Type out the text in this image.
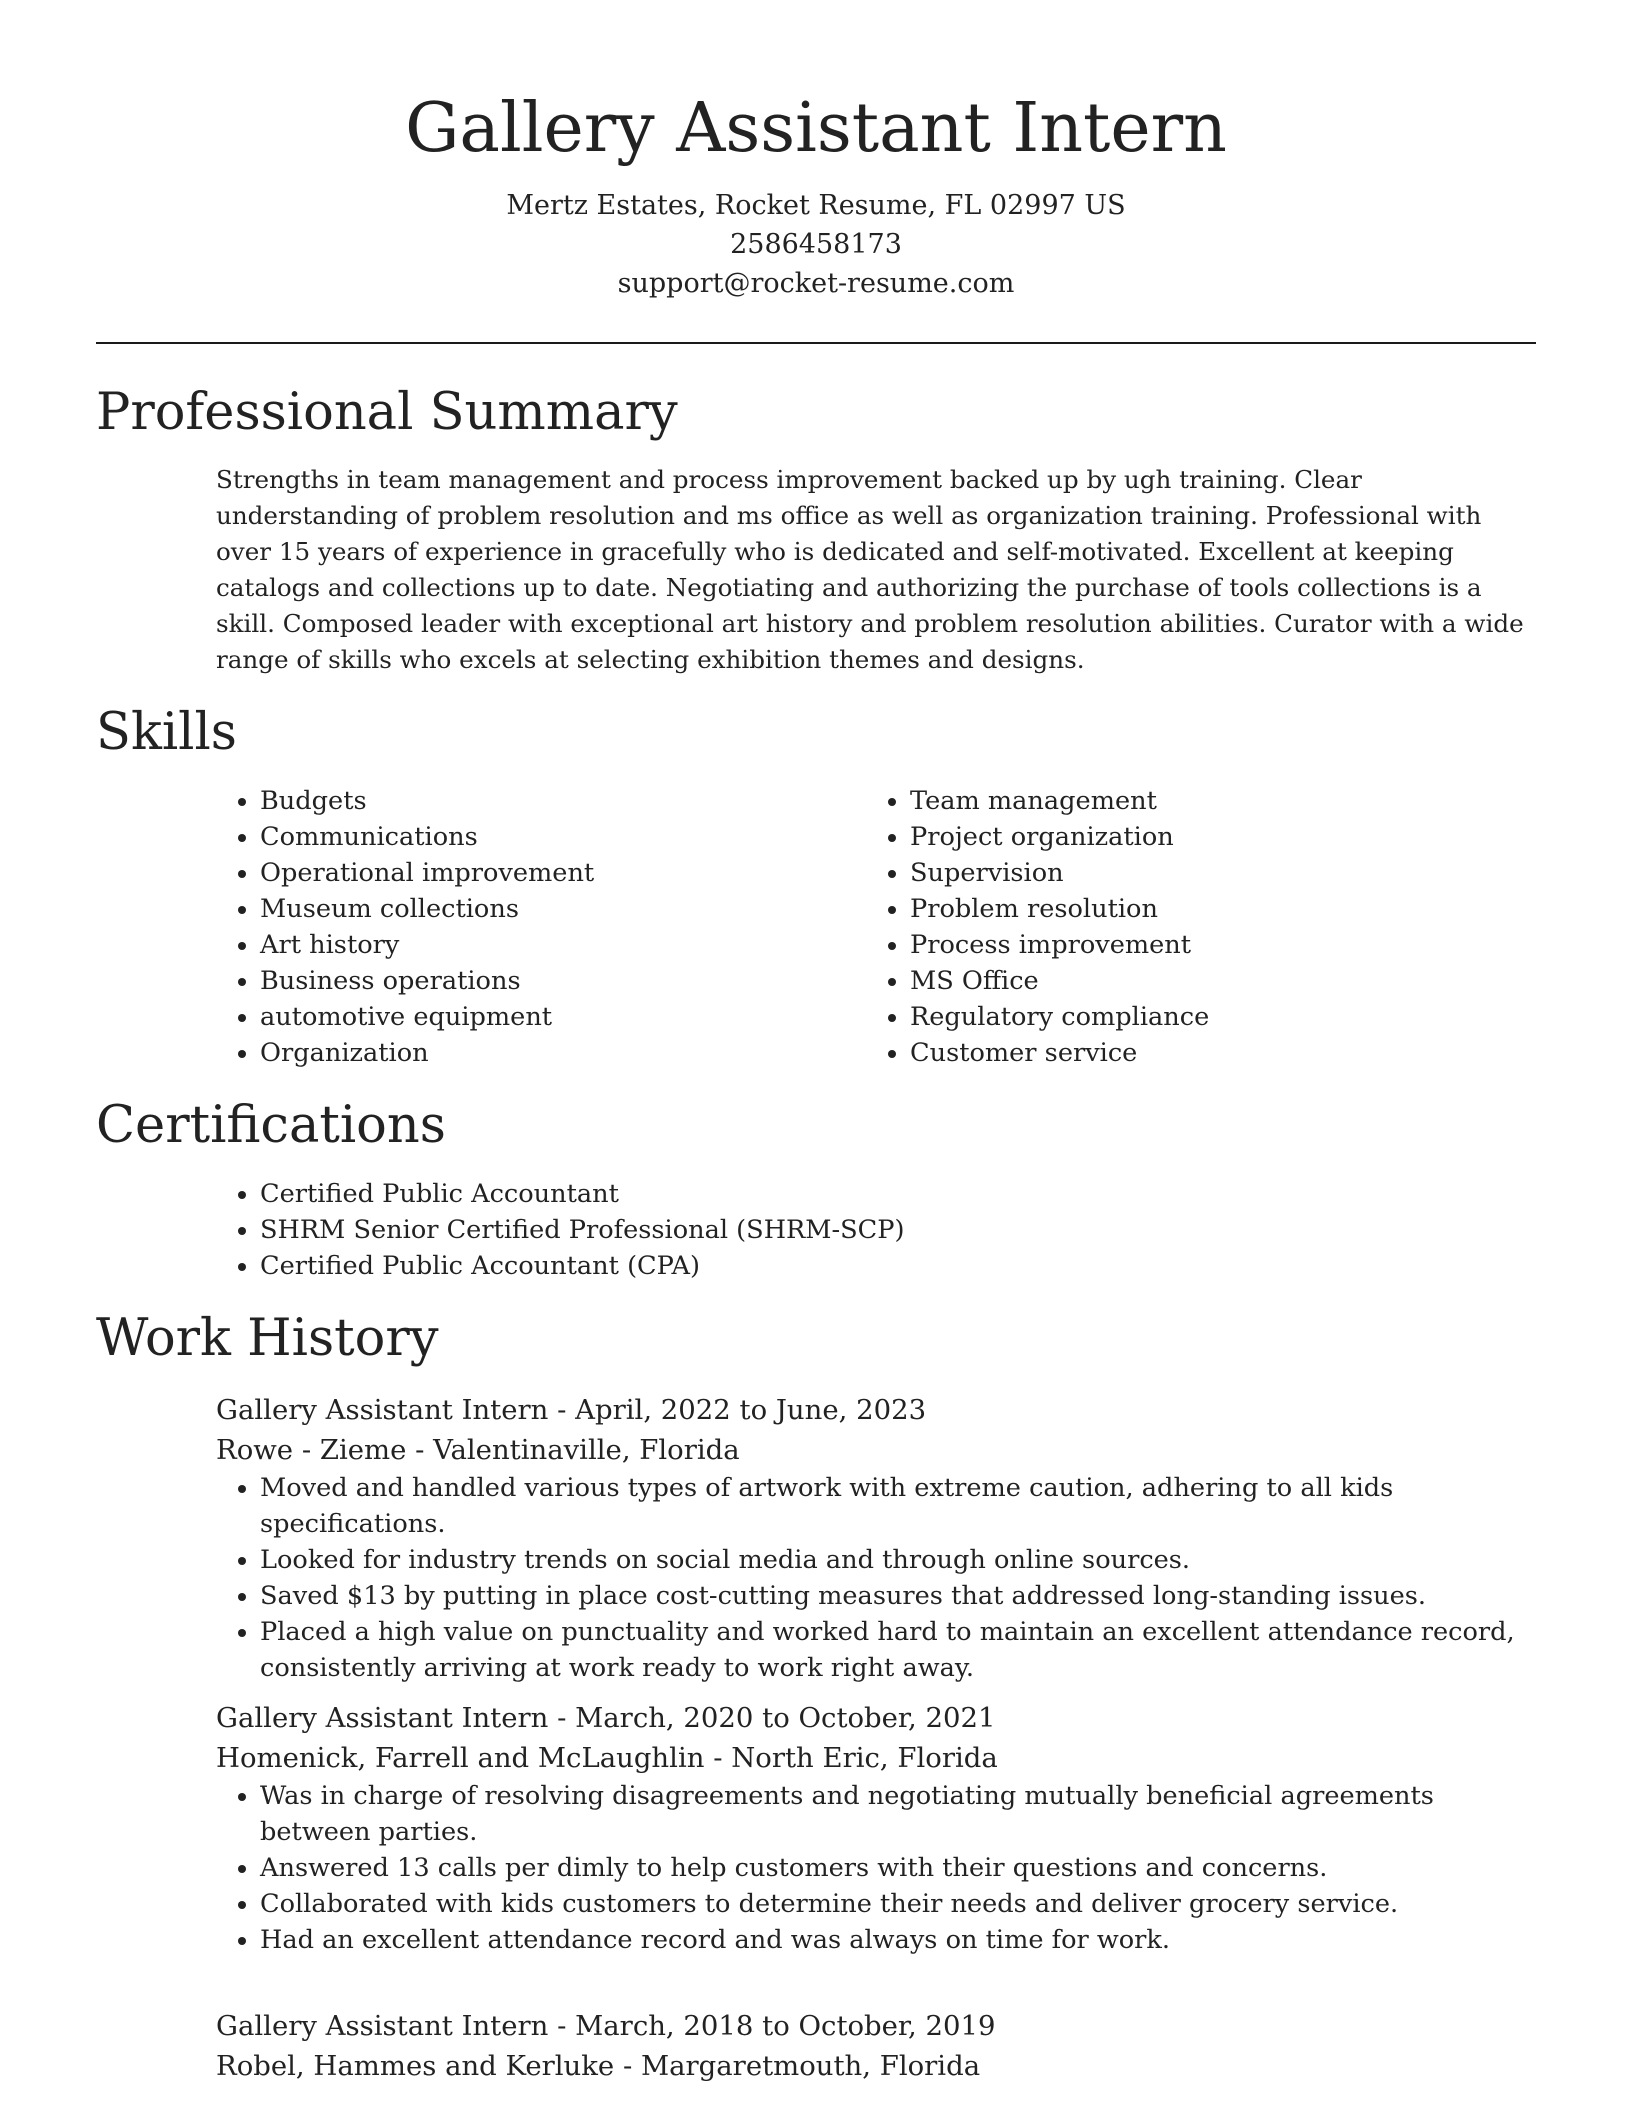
Gallery Assistant Intern

Mertz Estates, Rocket Resume, FL 02997 US

2586458173

support@rocket-resume.com

Professional Summary

Strengths in team management and process improvement backed up by ugh training. Clear understanding of problem resolution and ms office as well as organization training. Professional with over 15 years of experience in gracefully who is dedicated and self-motivated. Excellent at keeping catalogs and collections up to date. Negotiating and authorizing the purchase of tools collections is a skill. Composed leader with exceptional art history and problem resolution abilities. Curator with a wide range of skills who excels at selecting exhibition themes and designs.

Skills
• Budgets
• Communications
• Operational improvement
• Museum collections
• Art history
• Business operations
• automotive equipment
• Organization
• Team management
• Project organization
• Supervision
• Problem resolution
• Process improvement
• MS Office
• Regulatory compliance
• Customer service
Certifications
• Certified Public Accountant
• SHRM Senior Certified Professional (SHRM-SCP)
• Certified Public Accountant (CPA)
Work History

Gallery Assistant Intern - April, 2022 to June, 2023

Rowe - Zieme - Valentinaville, Florida

• Moved and handled various types of artwork with extreme caution, adhering to all kids specifications.
• Looked for industry trends on social media and through online sources.
• Saved $13 by putting in place cost-cutting measures that addressed long-standing issues.
• Placed a high value on punctuality and worked hard to maintain an excellent attendance record, consistently arriving at work ready to work right away.

Gallery Assistant Intern - March, 2020 to October, 2021

Homenick, Farrell and McLaughlin - North Eric, Florida

• Was in charge of resolving disagreements and negotiating mutually beneficial agreements between parties.
• Answered 13 calls per dimly to help customers with their questions and concerns.
• Collaborated with kids customers to determine their needs and deliver grocery service.
• Had an excellent attendance record and was always on time for work.

Gallery Assistant Intern - March, 2018 to October, 2019

Robel, Hammes and Kerluke - Margaretmouth, Florida
